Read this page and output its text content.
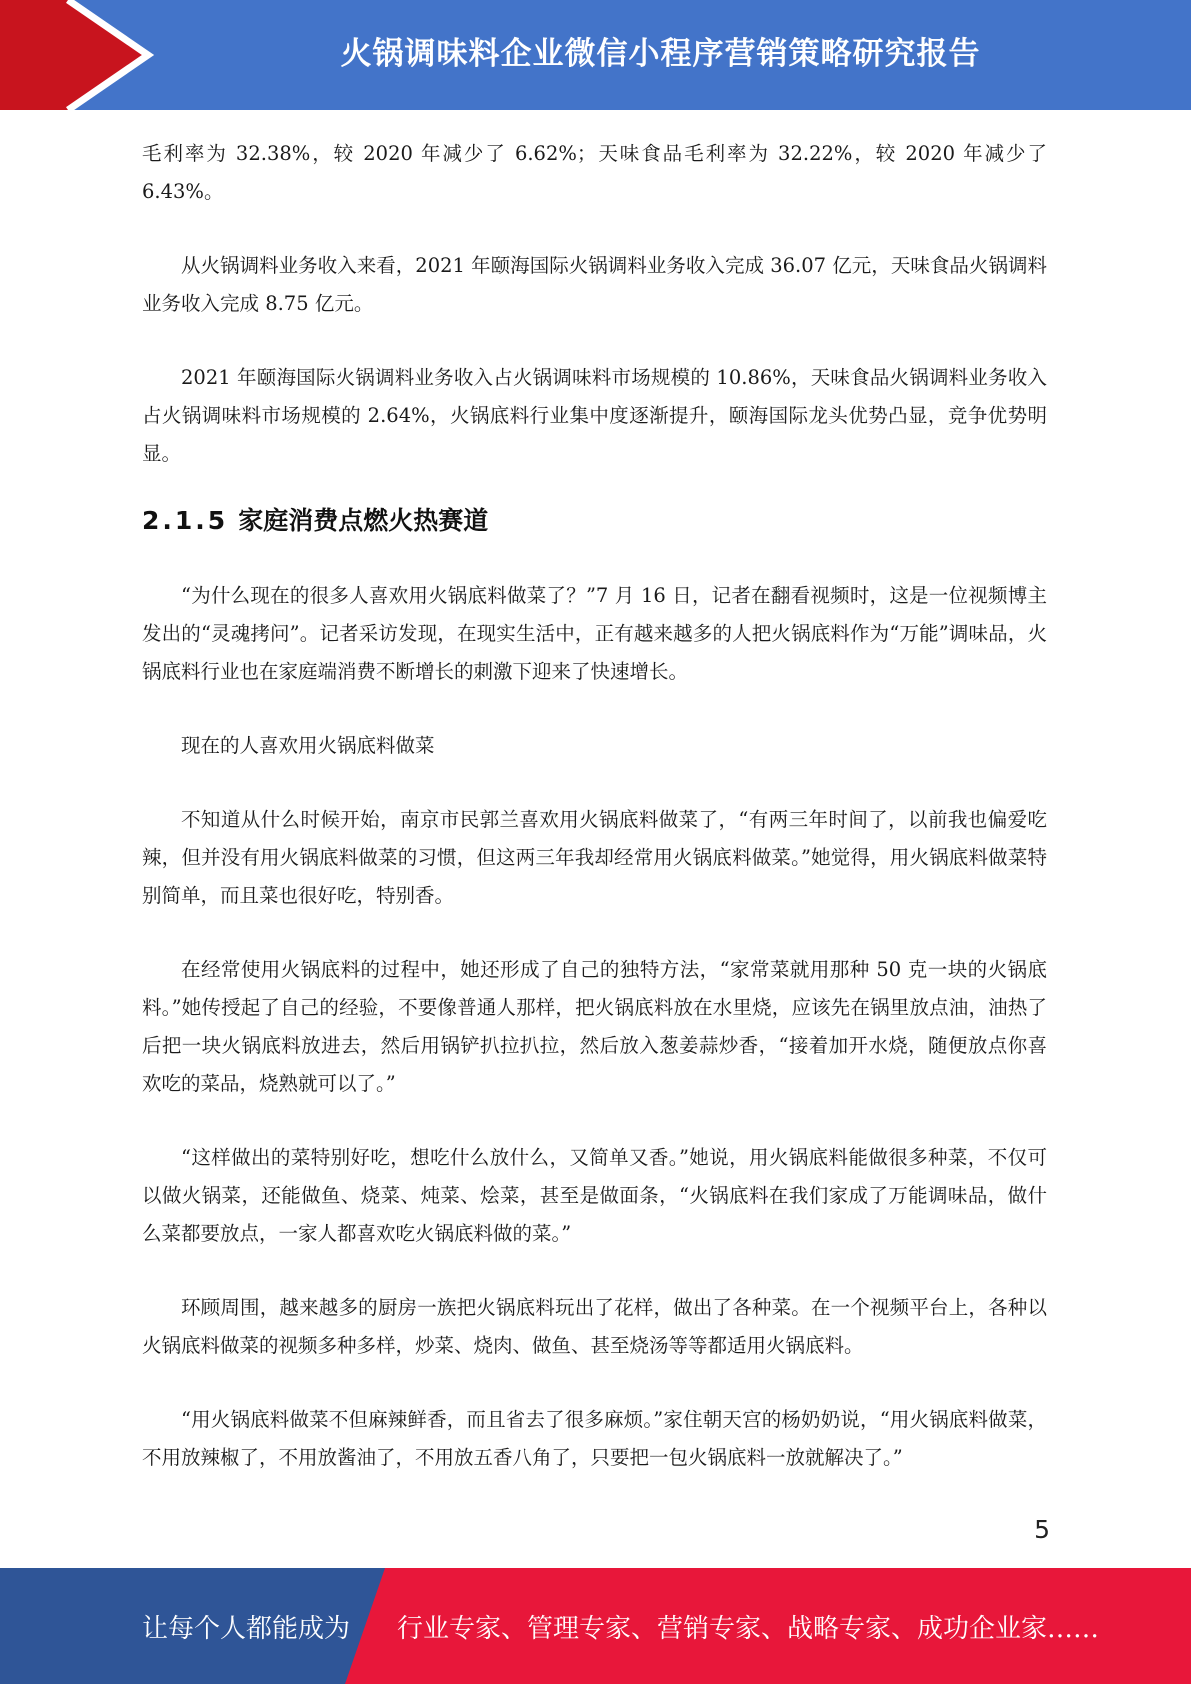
火锅调味料企业微信小程序营销策略研究报告

毛利率为 32.38%，较 2020 年减少了 6.62%；天味食品毛利率为 32.22%，较 2020 年减少了 6.43%。

从火锅调料业务收入来看，2021 年颐海国际火锅调料业务收入完成 36.07 亿元，天味食品火锅调料业务收入完成 8.75 亿元。

2021 年颐海国际火锅调料业务收入占火锅调味料市场规模的 10.86%，天味食品火锅调料业务收入占火锅调味料市场规模的 2.64%，火锅底料行业集中度逐渐提升，颐海国际龙头优势凸显，竞争优势明显。

2.1.5 家庭消费点燃火热赛道

“为什么现在的很多人喜欢用火锅底料做菜了？”7 月 16 日，记者在翻看视频时，这是一位视频博主发出的“灵魂拷问”。记者采访发现，在现实生活中，正有越来越多的人把火锅底料作为“万能”调味品，火锅底料行业也在家庭端消费不断增长的刺激下迎来了快速增长。

现在的人喜欢用火锅底料做菜

不知道从什么时候开始，南京市民郭兰喜欢用火锅底料做菜了，“有两三年时间了，以前我也偏爱吃辣，但并没有用火锅底料做菜的习惯，但这两三年我却经常用火锅底料做菜。”她觉得，用火锅底料做菜特别简单，而且菜也很好吃，特别香。

在经常使用火锅底料的过程中，她还形成了自己的独特方法，“家常菜就用那种 50 克一块的火锅底料。”她传授起了自己的经验，不要像普通人那样，把火锅底料放在水里烧，应该先在锅里放点油，油热了后把一块火锅底料放进去，然后用锅铲扒拉扒拉，然后放入葱姜蒜炒香，“接着加开水烧，随便放点你喜欢吃的菜品，烧熟就可以了。”

“这样做出的菜特别好吃，想吃什么放什么，又简单又香。”她说，用火锅底料能做很多种菜，不仅可以做火锅菜，还能做鱼、烧菜、炖菜、烩菜，甚至是做面条，“火锅底料在我们家成了万能调味品，做什么菜都要放点，一家人都喜欢吃火锅底料做的菜。”

环顾周围，越来越多的厨房一族把火锅底料玩出了花样，做出了各种菜。在一个视频平台上，各种以火锅底料做菜的视频多种多样，炒菜、烧肉、做鱼、甚至烧汤等等都适用火锅底料。

“用火锅底料做菜不但麻辣鲜香，而且省去了很多麻烦。”家住朝天宫的杨奶奶说，“用火锅底料做菜，不用放辣椒了，不用放酱油了，不用放五香八角了，只要把一包火锅底料一放就解决了。”

5
让每个人都能成为 行业专家、管理专家、营销专家、战略专家、成功企业家……
